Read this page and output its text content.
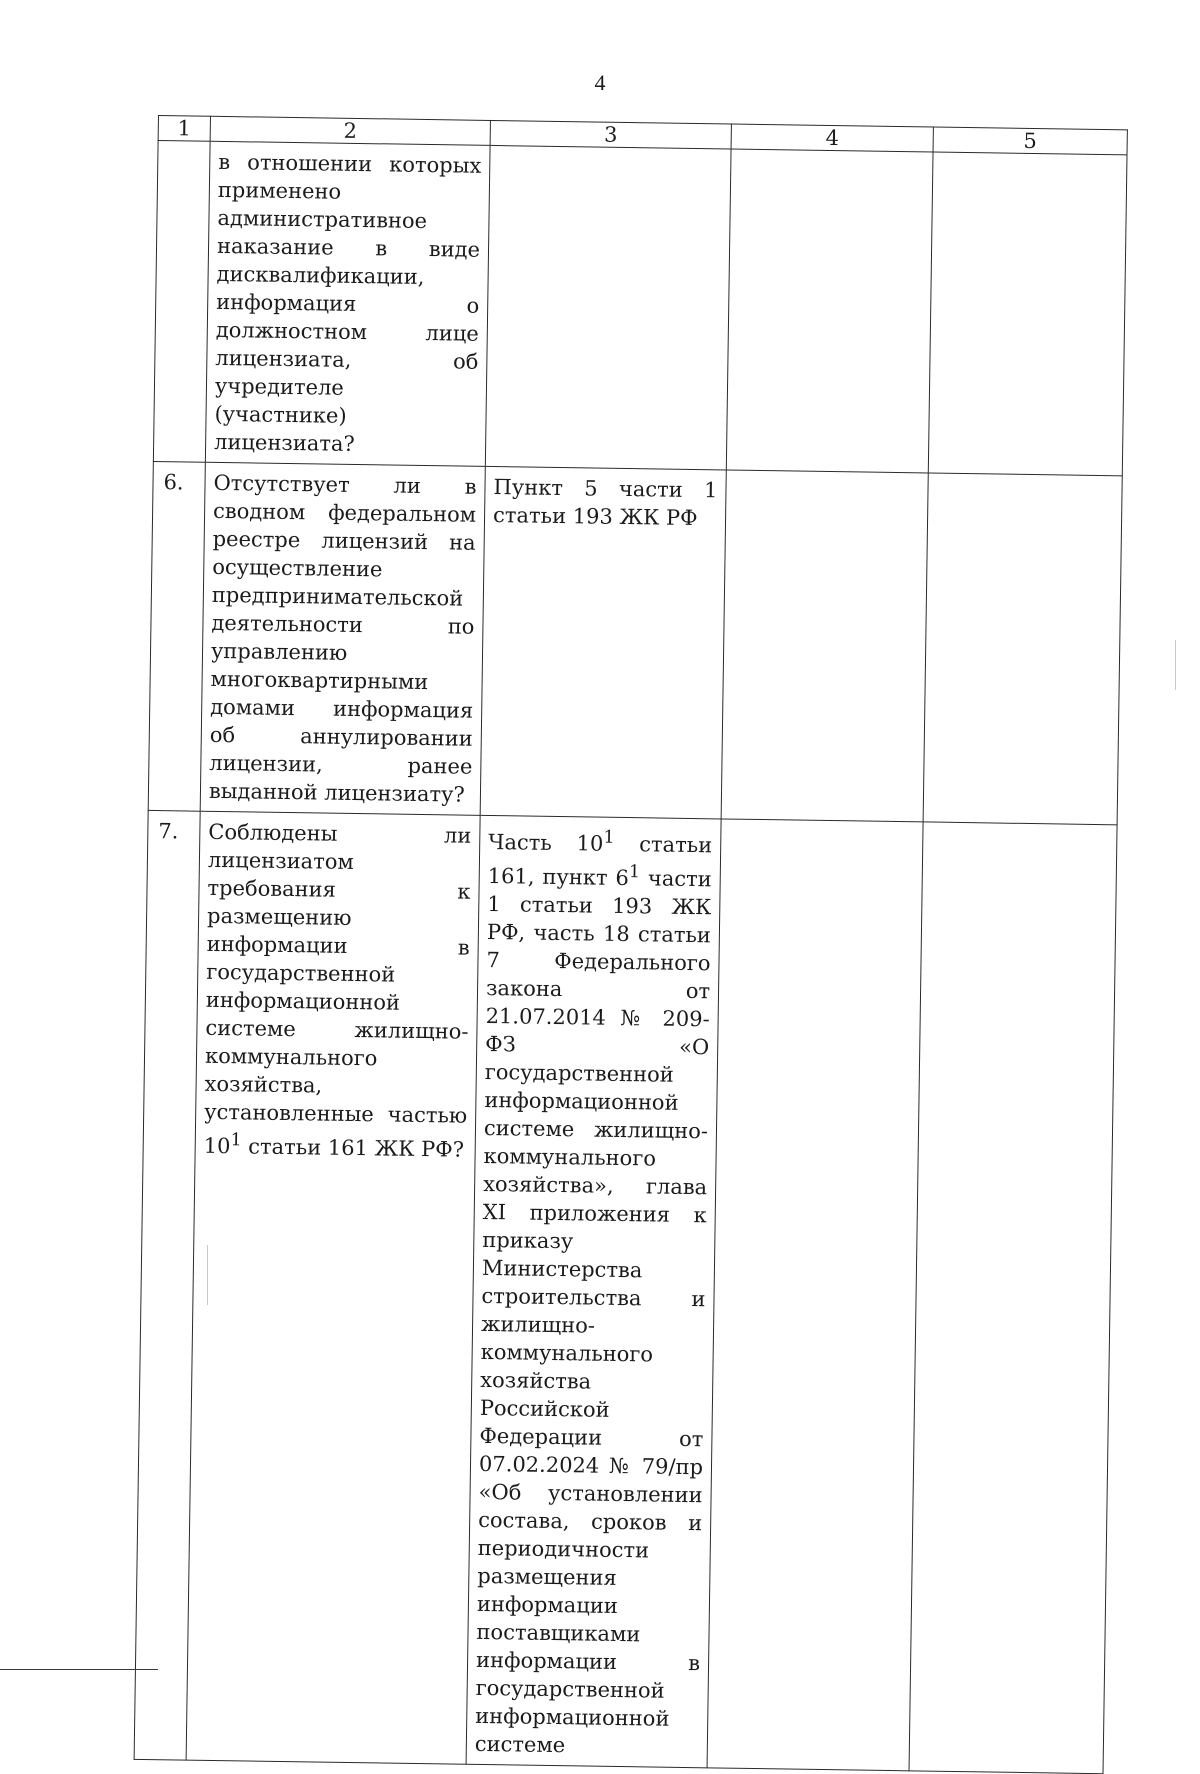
4
1	2	3	4	5
	в отношении которых применено административное наказание в виде дисквалификации, информация о должностном лице лицензиата, об учредителе (участнике) лицензиата?			
6.	Отсутствует ли в сводном федеральном реестре лицензий на осуществление предпринимательской деятельности по управлению многоквартирными домами информация об аннулировании лицензии, ранее выданной лицензиату?	Пункт 5 части 1 статьи 193 ЖК РФ		
7.	Соблюдены ли лицензиатом требования к размещению информации в государственной информационной системе жилищно-коммунального хозяйства, установленные частью $10^1$ статьи 161 ЖК РФ?	Часть $10^1$ статьи 161, пункт $6^1$ части 1 статьи 193 ЖК РФ, часть 18 статьи 7 Федерального закона от 21.07.2014 № 209-ФЗ «О государственной информационной системе жилищно-коммунального хозяйства», глава XI приложения к приказу Министерства строительства и жилищно-коммунального хозяйства Российской Федерации от 07.02.2024 № 79/пр «Об установлении состава, сроков и периодичности размещения информации поставщиками информации в государственной информационной системе		
